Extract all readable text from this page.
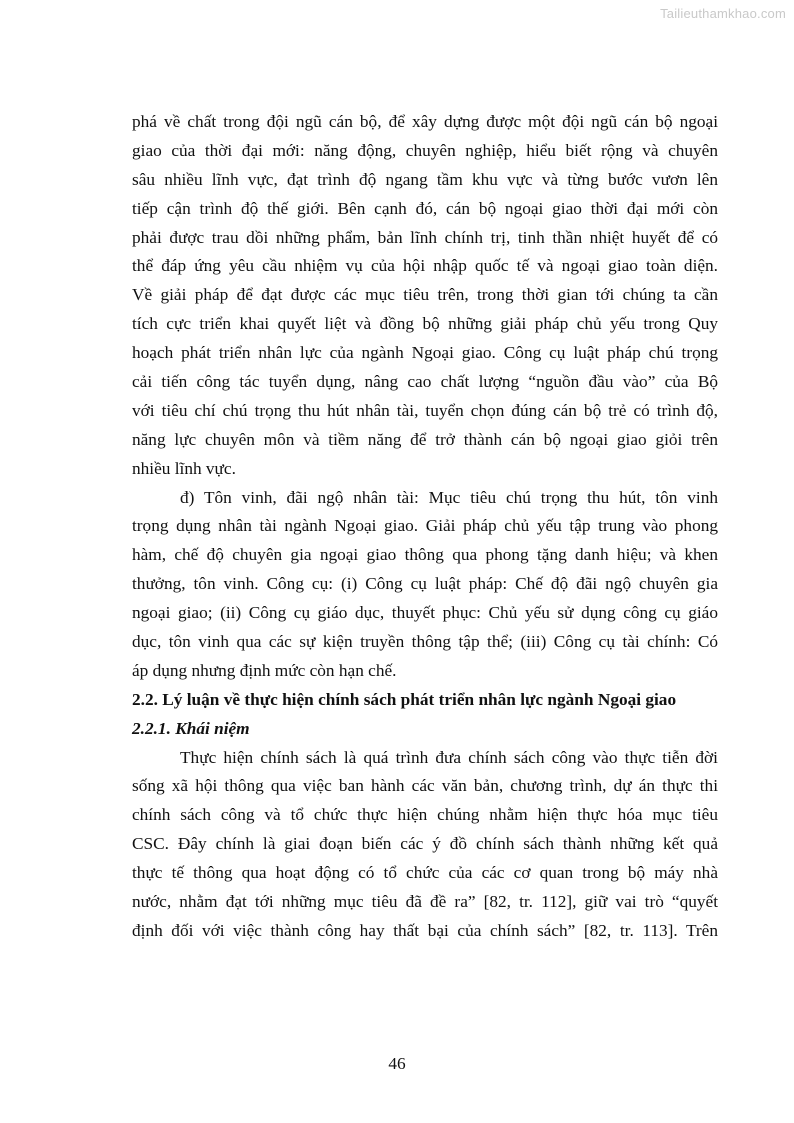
Tailieuthamkhao.com
phá về chất trong đội ngũ cán bộ, để xây dựng được một đội ngũ cán bộ ngoại
giao của thời đại mới: năng động, chuyên nghiệp, hiểu biết rộng và chuyên
sâu nhiều lĩnh vực, đạt trình độ ngang tầm khu vực và từng bước vươn lên
tiếp cận trình độ thế giới. Bên cạnh đó, cán bộ ngoại giao thời đại mới còn
phải được trau dồi những phẩm, bản lĩnh chính trị, tinh thần nhiệt huyết để có
thể đáp ứng yêu cầu nhiệm vụ của hội nhập quốc tế và ngoại giao toàn diện.
Về giải pháp để đạt được các mục tiêu trên, trong thời gian tới chúng ta cần
tích cực triển khai quyết liệt và đồng bộ những giải pháp chủ yếu trong Quy
hoạch phát triển nhân lực của ngành Ngoại giao. Công cụ luật pháp chú trọng
cải tiến công tác tuyển dụng, nâng cao chất lượng “nguồn đầu vào” của Bộ
với tiêu chí chú trọng thu hút nhân tài, tuyển chọn đúng cán bộ trẻ có trình độ,
năng lực chuyên môn và tiềm năng để trở thành cán bộ ngoại giao giỏi trên
nhiều lĩnh vực.
đ) Tôn vinh, đãi ngộ nhân tài: Mục tiêu chú trọng thu hút, tôn vinh
trọng dụng nhân tài ngành Ngoại giao. Giải pháp chủ yếu tập trung vào phong
hàm, chế độ chuyên gia ngoại giao thông qua phong tặng danh hiệu; và khen
thưởng, tôn vinh. Công cụ: (i) Công cụ luật pháp: Chế độ đãi ngộ chuyên gia
ngoại giao; (ii) Công cụ giáo dục, thuyết phục: Chủ yếu sử dụng công cụ giáo
dục, tôn vinh qua các sự kiện truyền thông tập thể; (iii) Công cụ tài chính: Có
áp dụng nhưng định mức còn hạn chế.
2.2. Lý luận về thực hiện chính sách phát triển nhân lực ngành Ngoại giao
2.2.1. Khái niệm
Thực hiện chính sách là quá trình đưa chính sách công vào thực tiễn đời
sống xã hội thông qua việc ban hành các văn bản, chương trình, dự án thực thi
chính sách công và tổ chức thực hiện chúng nhằm hiện thực hóa mục tiêu
CSC. Đây chính là giai đoạn biến các ý đồ chính sách thành những kết quả
thực tế thông qua hoạt động có tổ chức của các cơ quan trong bộ máy nhà
nước, nhằm đạt tới những mục tiêu đã đề ra” [82, tr. 112], giữ vai trò “quyết
định đối với việc thành công hay thất bại của chính sách” [82, tr. 113]. Trên
46
